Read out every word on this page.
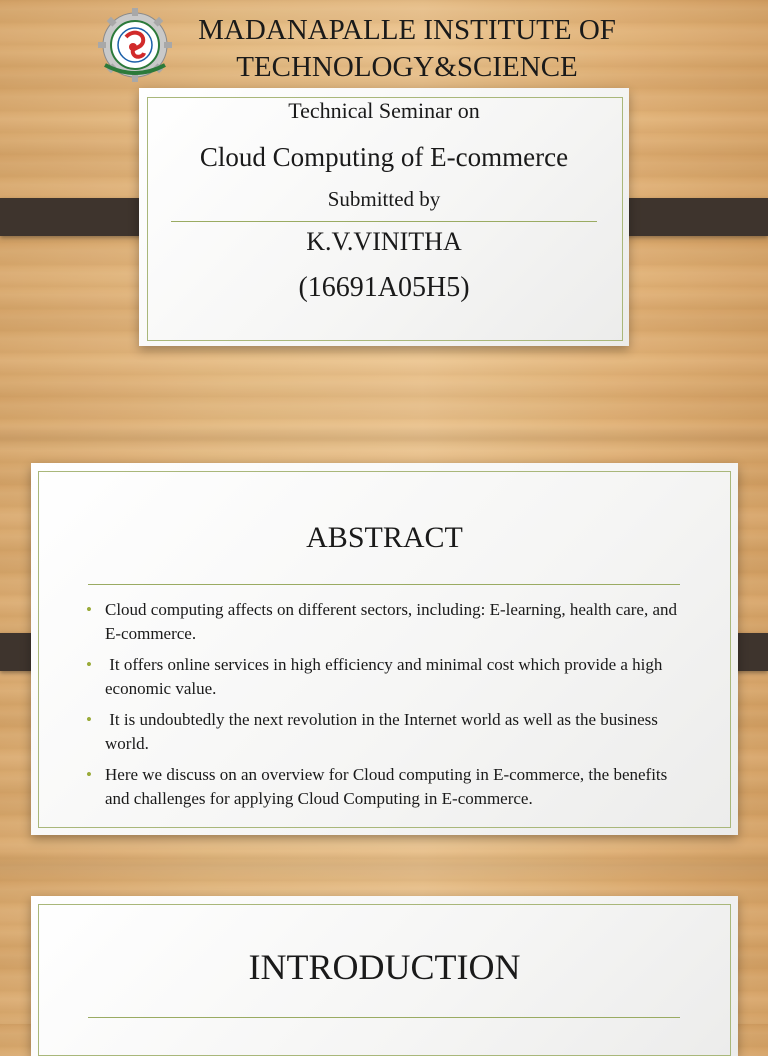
MADANAPALLE INSTITUTE OF
TECHNOLOGY&SCIENCE
Technical Seminar on
Cloud Computing of E-commerce
Submitted by
K.V.VINITHA
(16691A05H5)
ABSTRACT
• Cloud computing affects on different sectors, including: E-learning, health care, and E-commerce.
• It offers online services in high efficiency and minimal cost which provide a high economic value.
• It is undoubtedly the next revolution in the Internet world as well as the business world.
• Here we discuss on an overview for Cloud computing in E-commerce, the benefits and challenges for applying Cloud Computing in E-commerce.
INTRODUCTION
